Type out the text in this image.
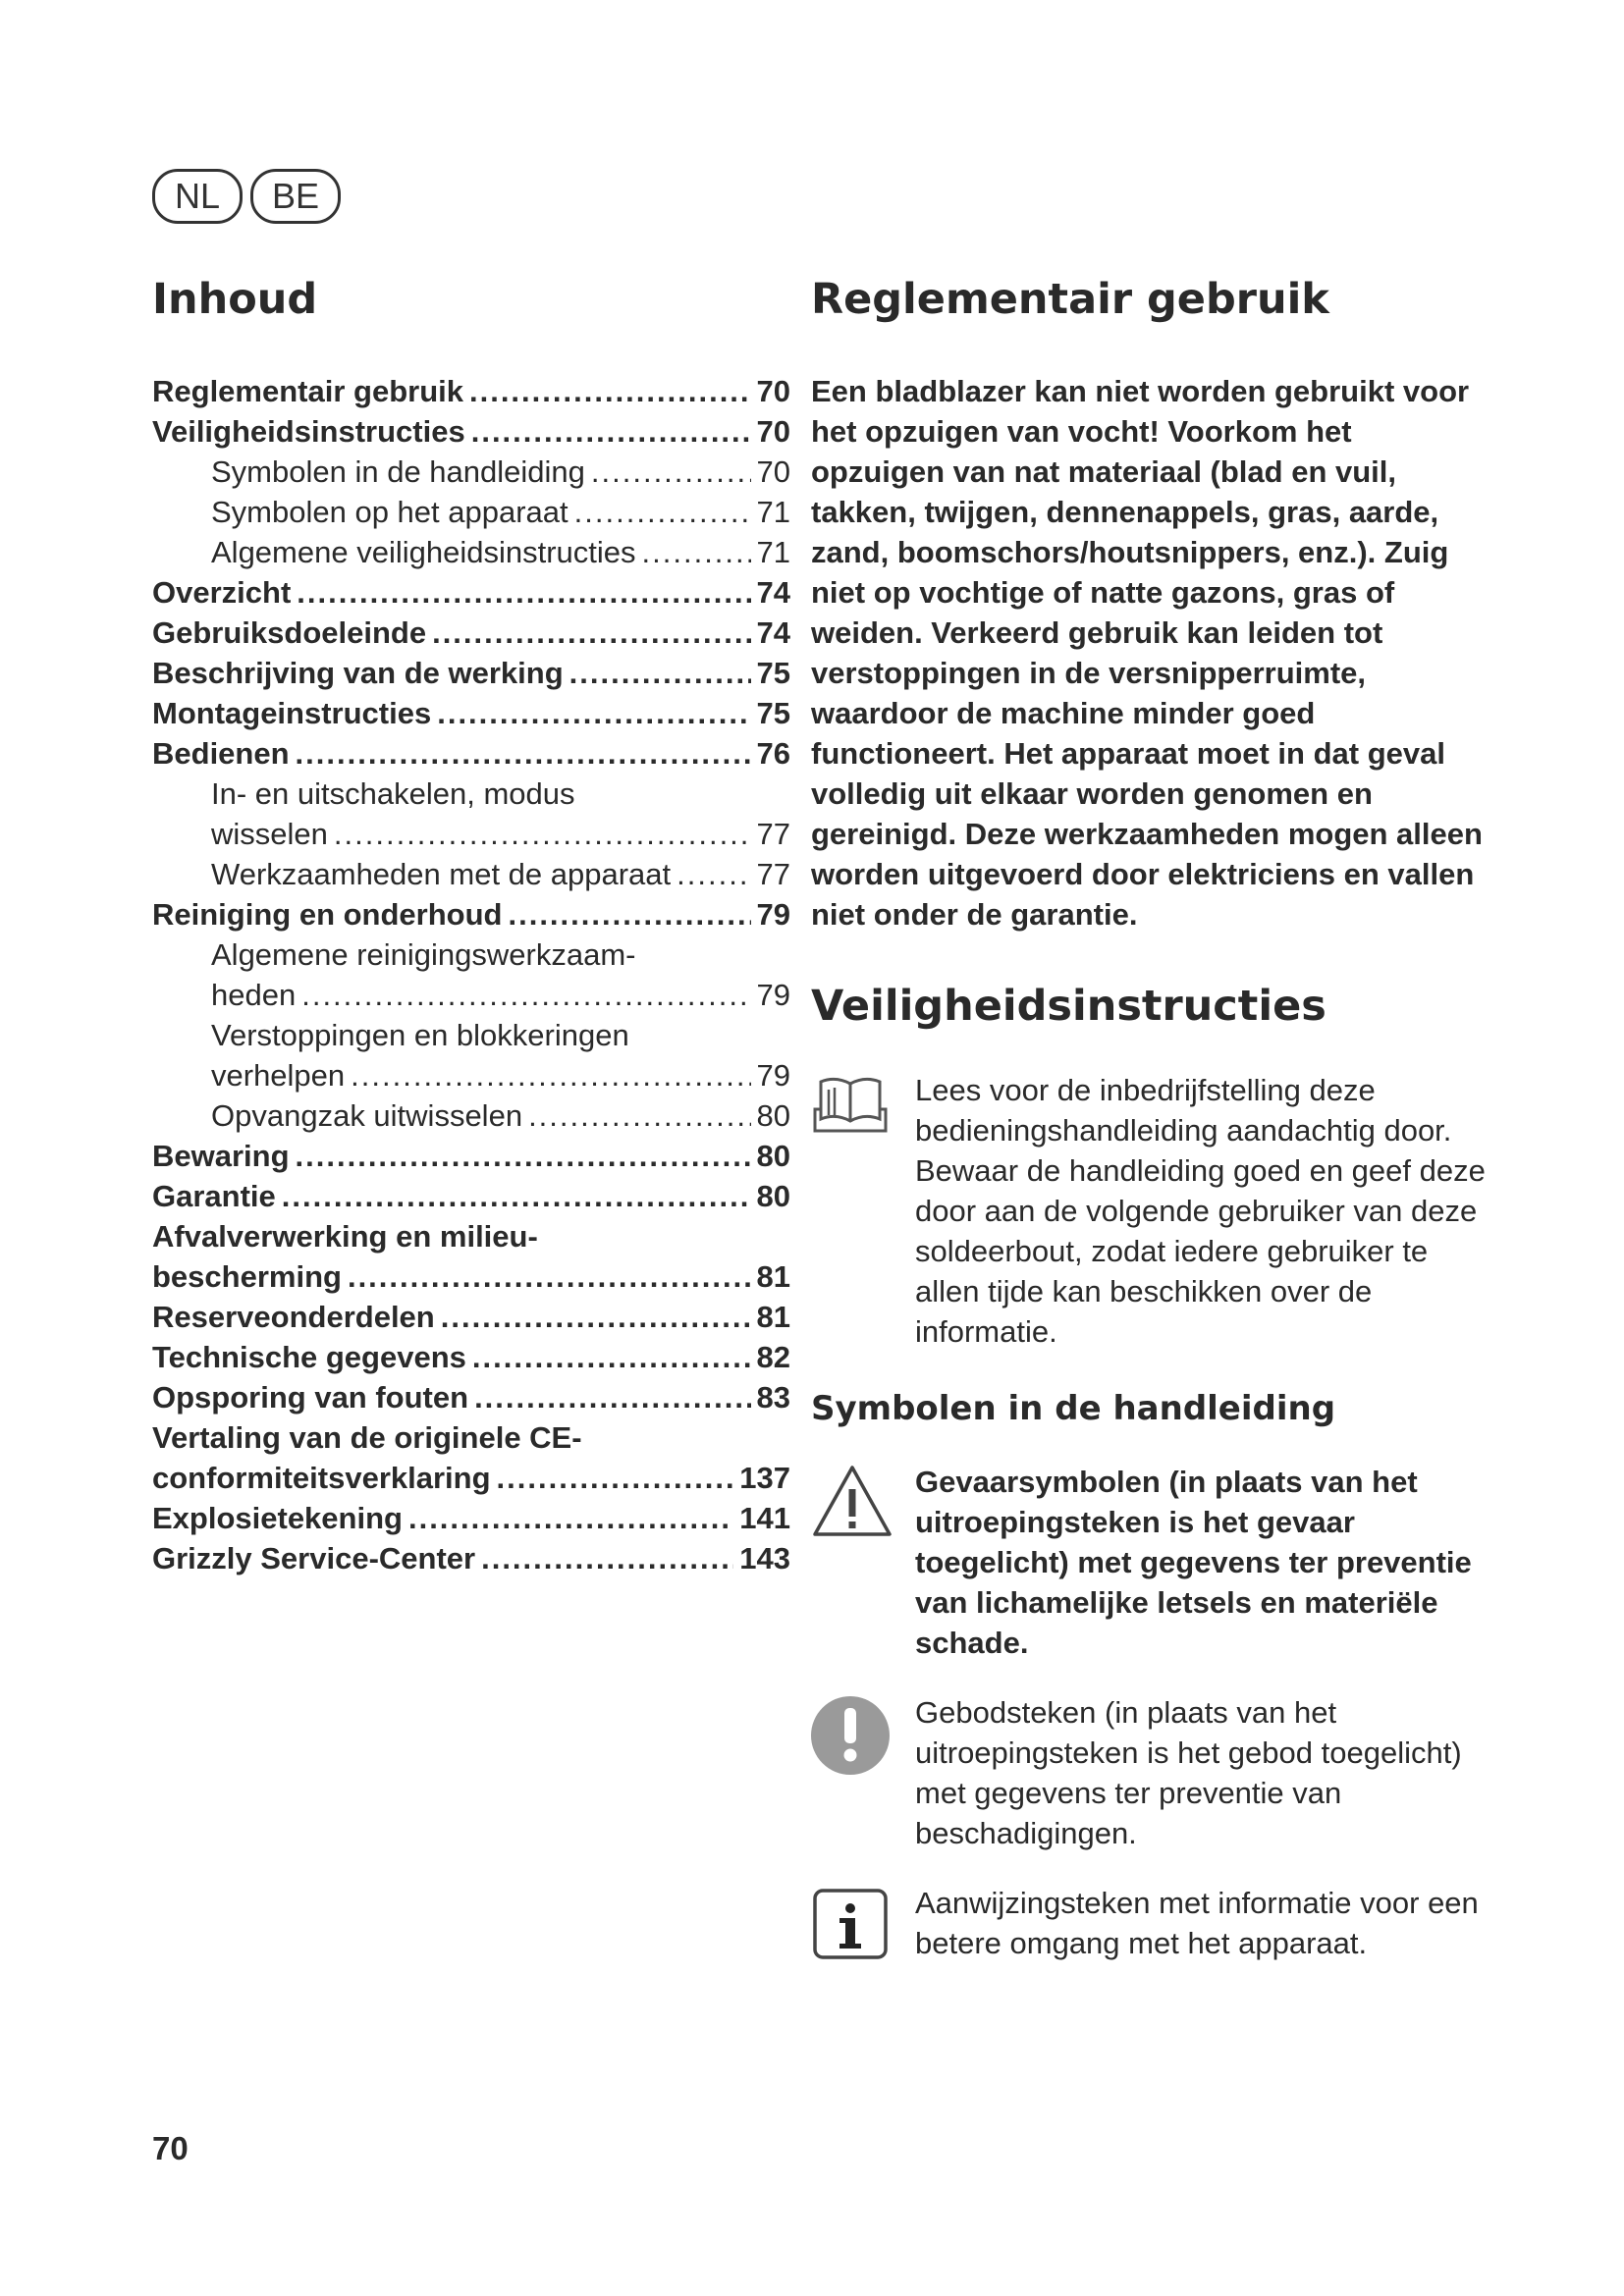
NL	BE
Inhoud
Reglementair gebruik .....	70
Veiligheidsinstructies .....	70
Symbolen in de handleiding .....	70
Symbolen op het apparaat .....	71
Algemene veiligheidsinstructies .....	71
Overzicht .....	74
Gebruiksdoeleinde .....	74
Beschrijving van de werking .....	75
Montageinstructies .....	75
Bedienen .....	76
In- en uitschakelen, modus
wisselen .....	77
Werkzaamheden met de apparaat .....	77
Reiniging en onderhoud .....	79
Algemene reinigingswerkzaam-
heden .....	79
Verstoppingen en blokkeringen
verhelpen .....	79
Opvangzak uitwisselen .....	80
Bewaring .....	80
Garantie .....	80
Afvalverwerking en milieu-
bescherming .....	81
Reserveonderdelen .....	81
Technische gegevens .....	82
Opsporing van fouten .....	83
Vertaling van de originele CE-
conformiteitsverklaring .....	137
Explosietekening .....	141
Grizzly Service-Center .....	143
Reglementair gebruik

Een bladblazer kan niet worden gebruikt voor het opzuigen van vocht! Voorkom het opzuigen van nat materiaal (blad en vuil, takken, twijgen, dennenappels, gras, aarde, zand, boomschors/houtsnippers, enz.). Zuig niet op vochtige of natte gazons, gras of weiden. Verkeerd gebruik kan leiden tot verstoppingen in de versnipperruimte, waardoor de machine minder goed functioneert. Het apparaat moet in dat geval volledig uit elkaar worden genomen en gereinigd. Deze werkzaamheden mogen alleen worden uitgevoerd door elektriciens en vallen niet onder de garantie.

Veiligheidsinstructies
Lees voor de inbedrijfstelling deze bedieningshandleiding aandachtig door. Bewaar de handleiding goed en geef deze door aan de volgende gebruiker van deze soldeerbout, zodat iedere gebruiker te allen tijde kan beschikken over de informatie.
Symbolen in de handleiding
Gevaarsymbolen (in plaats van het uitroepingsteken is het gevaar toegelicht) met gegevens ter preventie van lichamelijke letsels en materiële schade.
Gebodsteken (in plaats van het uitroepingsteken is het gebod toegelicht) met gegevens ter preventie van beschadigingen.
Aanwijzingsteken met informatie voor een betere omgang met het apparaat.
70
